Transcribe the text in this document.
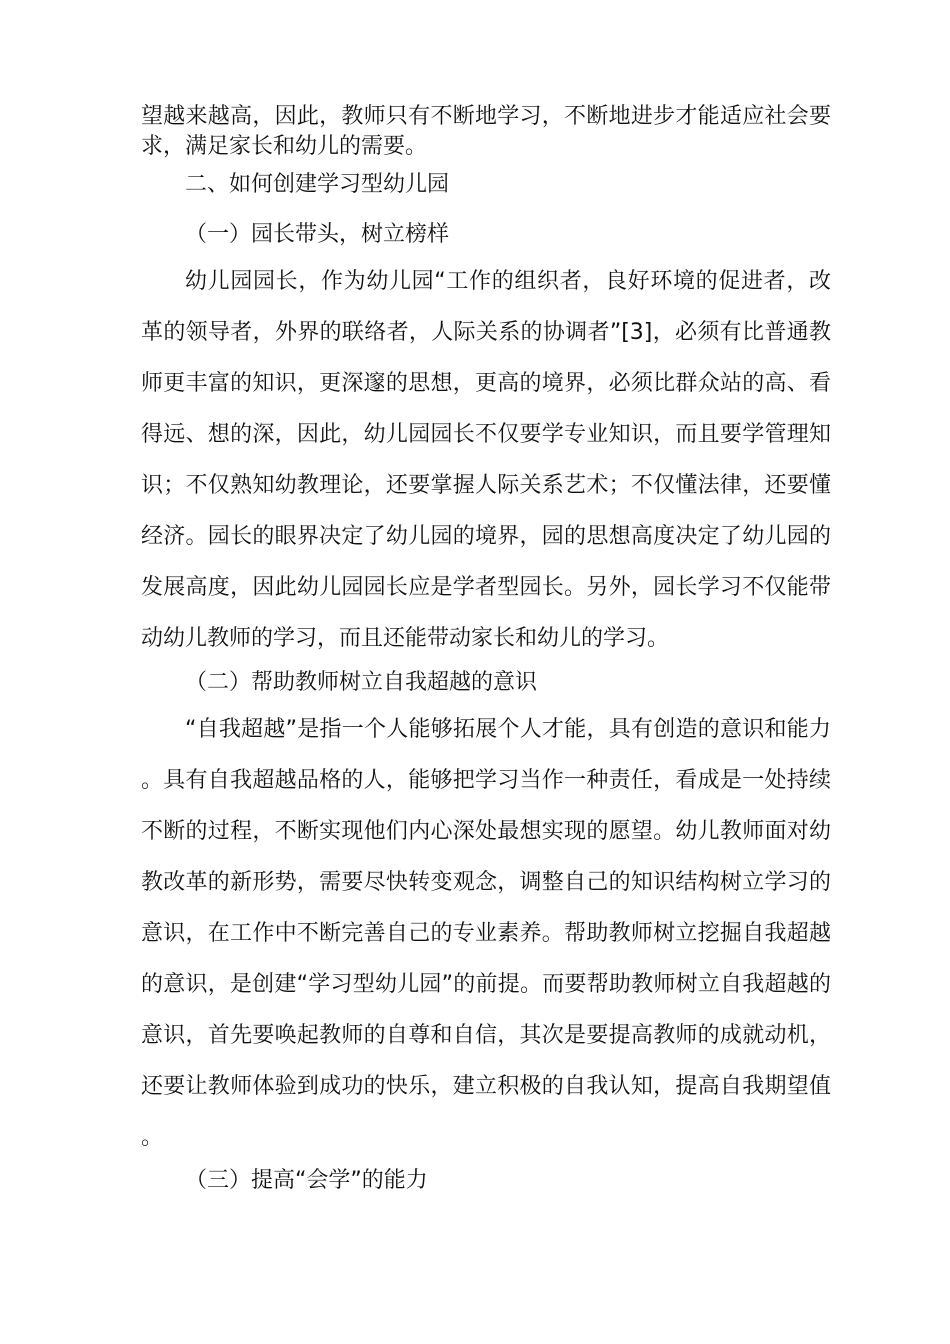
望越来越高，因此，教师只有不断地学习，不断地进步才能适应社会要求，满足家长和幼儿的需要。

二、如何创建学习型幼儿园

（一）园长带头，树立榜样

幼儿园园长，作为幼儿园“工作的组织者，良好环境的促进者，改革的领导者，外界的联络者，人际关系的协调者”[3]，必须有比普通教师更丰富的知识，更深邃的思想，更高的境界，必须比群众站的高、看得远、想的深，因此，幼儿园园长不仅要学专业知识，而且要学管理知识；不仅熟知幼教理论，还要掌握人际关系艺术；不仅懂法律，还要懂经济。园长的眼界决定了幼儿园的境界，园的思想高度决定了幼儿园的发展高度，因此幼儿园园长应是学者型园长。另外，园长学习不仅能带动幼儿教师的学习，而且还能带动家长和幼儿的学习。

（二）帮助教师树立自我超越的意识

“自我超越”是指一个人能够拓展个人才能，具有创造的意识和能力。具有自我超越品格的人，能够把学习当作一种责任，看成是一处持续不断的过程，不断实现他们内心深处最想实现的愿望。幼儿教师面对幼教改革的新形势，需要尽快转变观念，调整自己的知识结构树立学习的意识，在工作中不断完善自己的专业素养。帮助教师树立挖掘自我超越的意识，是创建“学习型幼儿园”的前提。而要帮助教师树立自我超越的意识，首先要唤起教师的自尊和自信，其次是要提高教师的成就动机，还要让教师体验到成功的快乐，建立积极的自我认知，提高自我期望值。

（三）提高“会学”的能力
